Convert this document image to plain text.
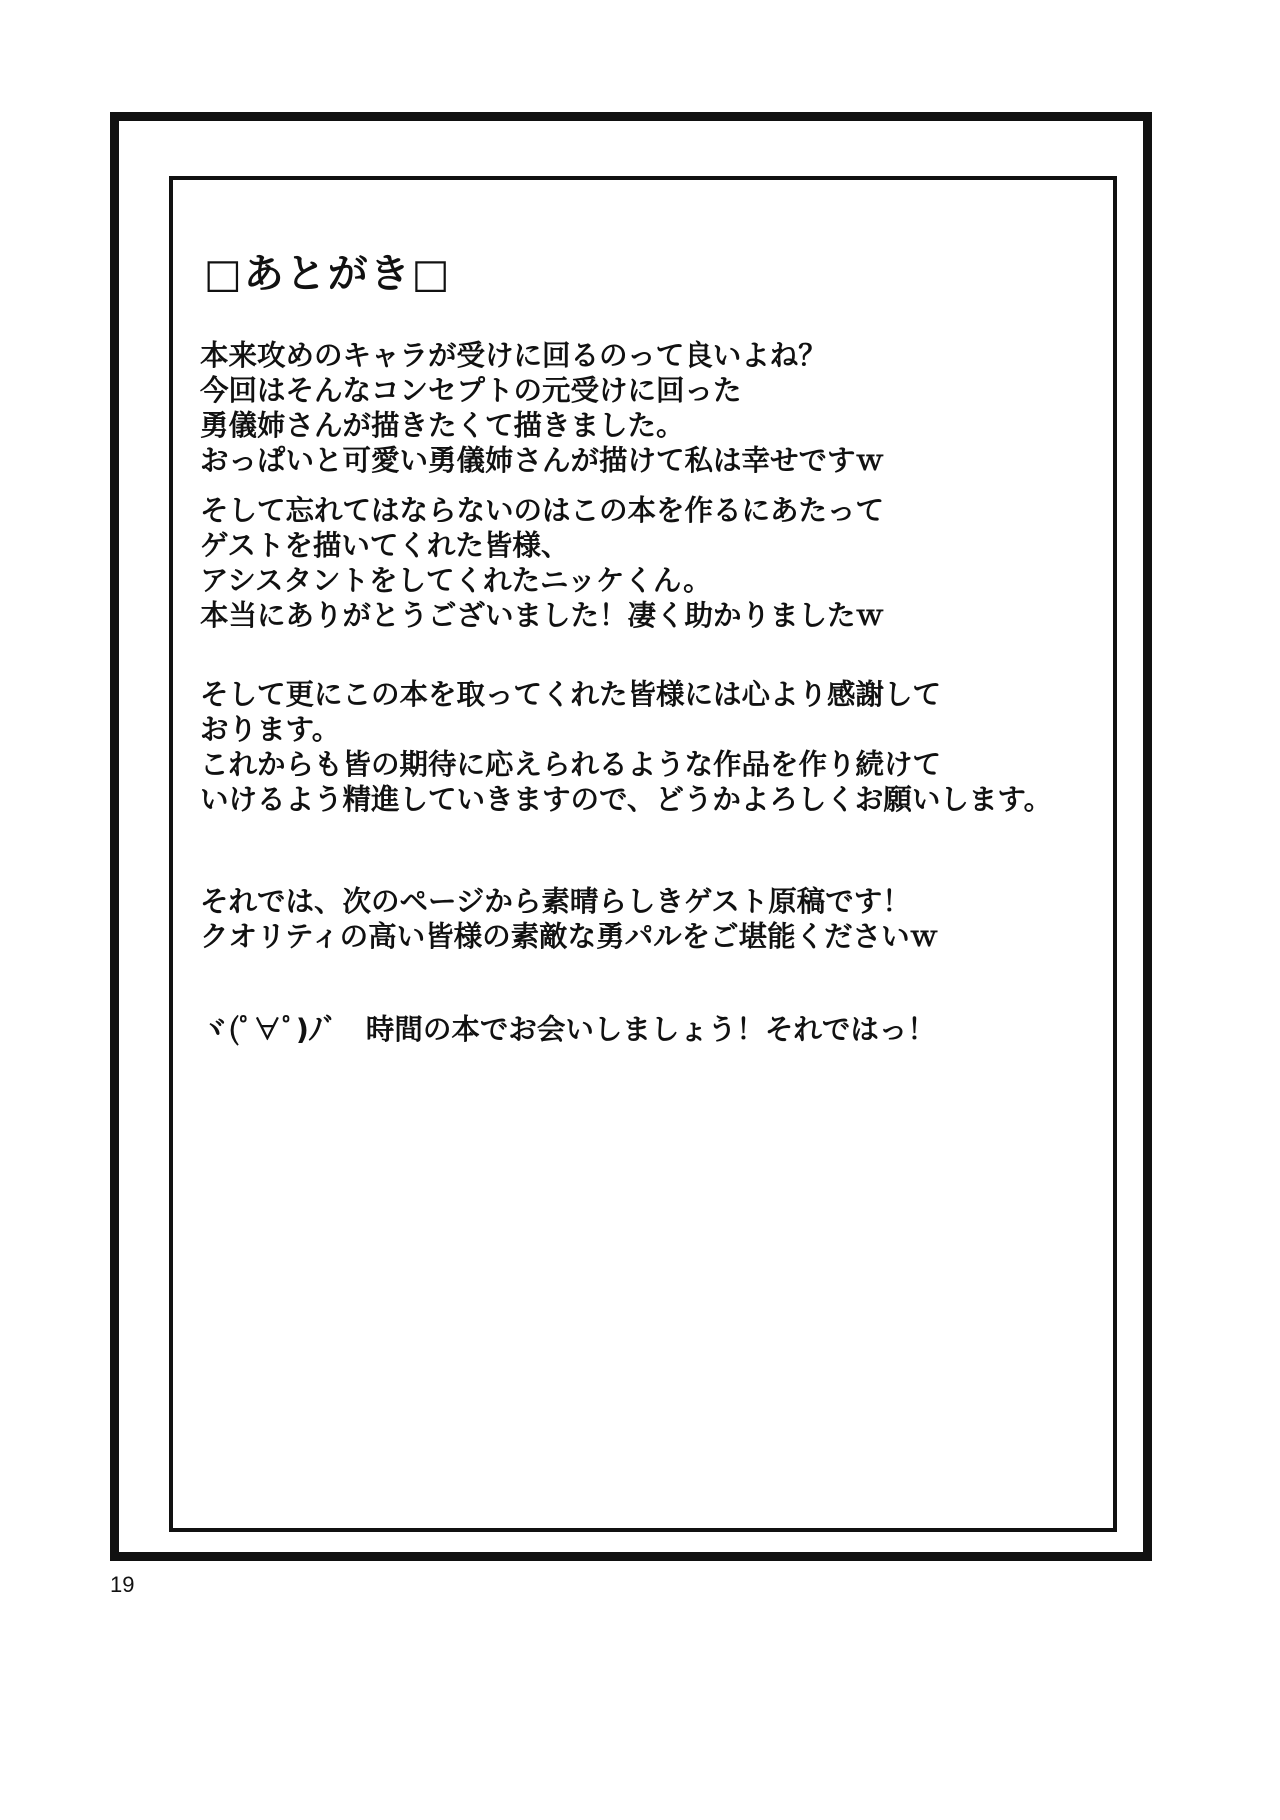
□あとがき□
本来攻めのキャラが受けに回るのって良いよね？
今回はそんなコンセプトの元受けに回った
勇儀姉さんが描きたくて描きました。
おっぱいと可愛い勇儀姉さんが描けて私は幸せですｗ
そして忘れてはならないのはこの本を作るにあたって
ゲストを描いてくれた皆様、
アシスタントをしてくれたニッケくん。
本当にありがとうございました！凄く助かりましたｗ
そして更にこの本を取ってくれた皆様には心より感謝して
おります。
これからも皆の期待に応えられるような作品を作り続けて
いけるよう精進していきますので、どうかよろしくお願いします。
それでは、次のページから素晴らしきゲスト原稿です！
クオリティの高い皆様の素敵な勇パルをご堪能くださいｗ
ヾ(ﾟ∀ﾟ)ﾉﾞ　時間の本でお会いしましょう！それではっ！
19
